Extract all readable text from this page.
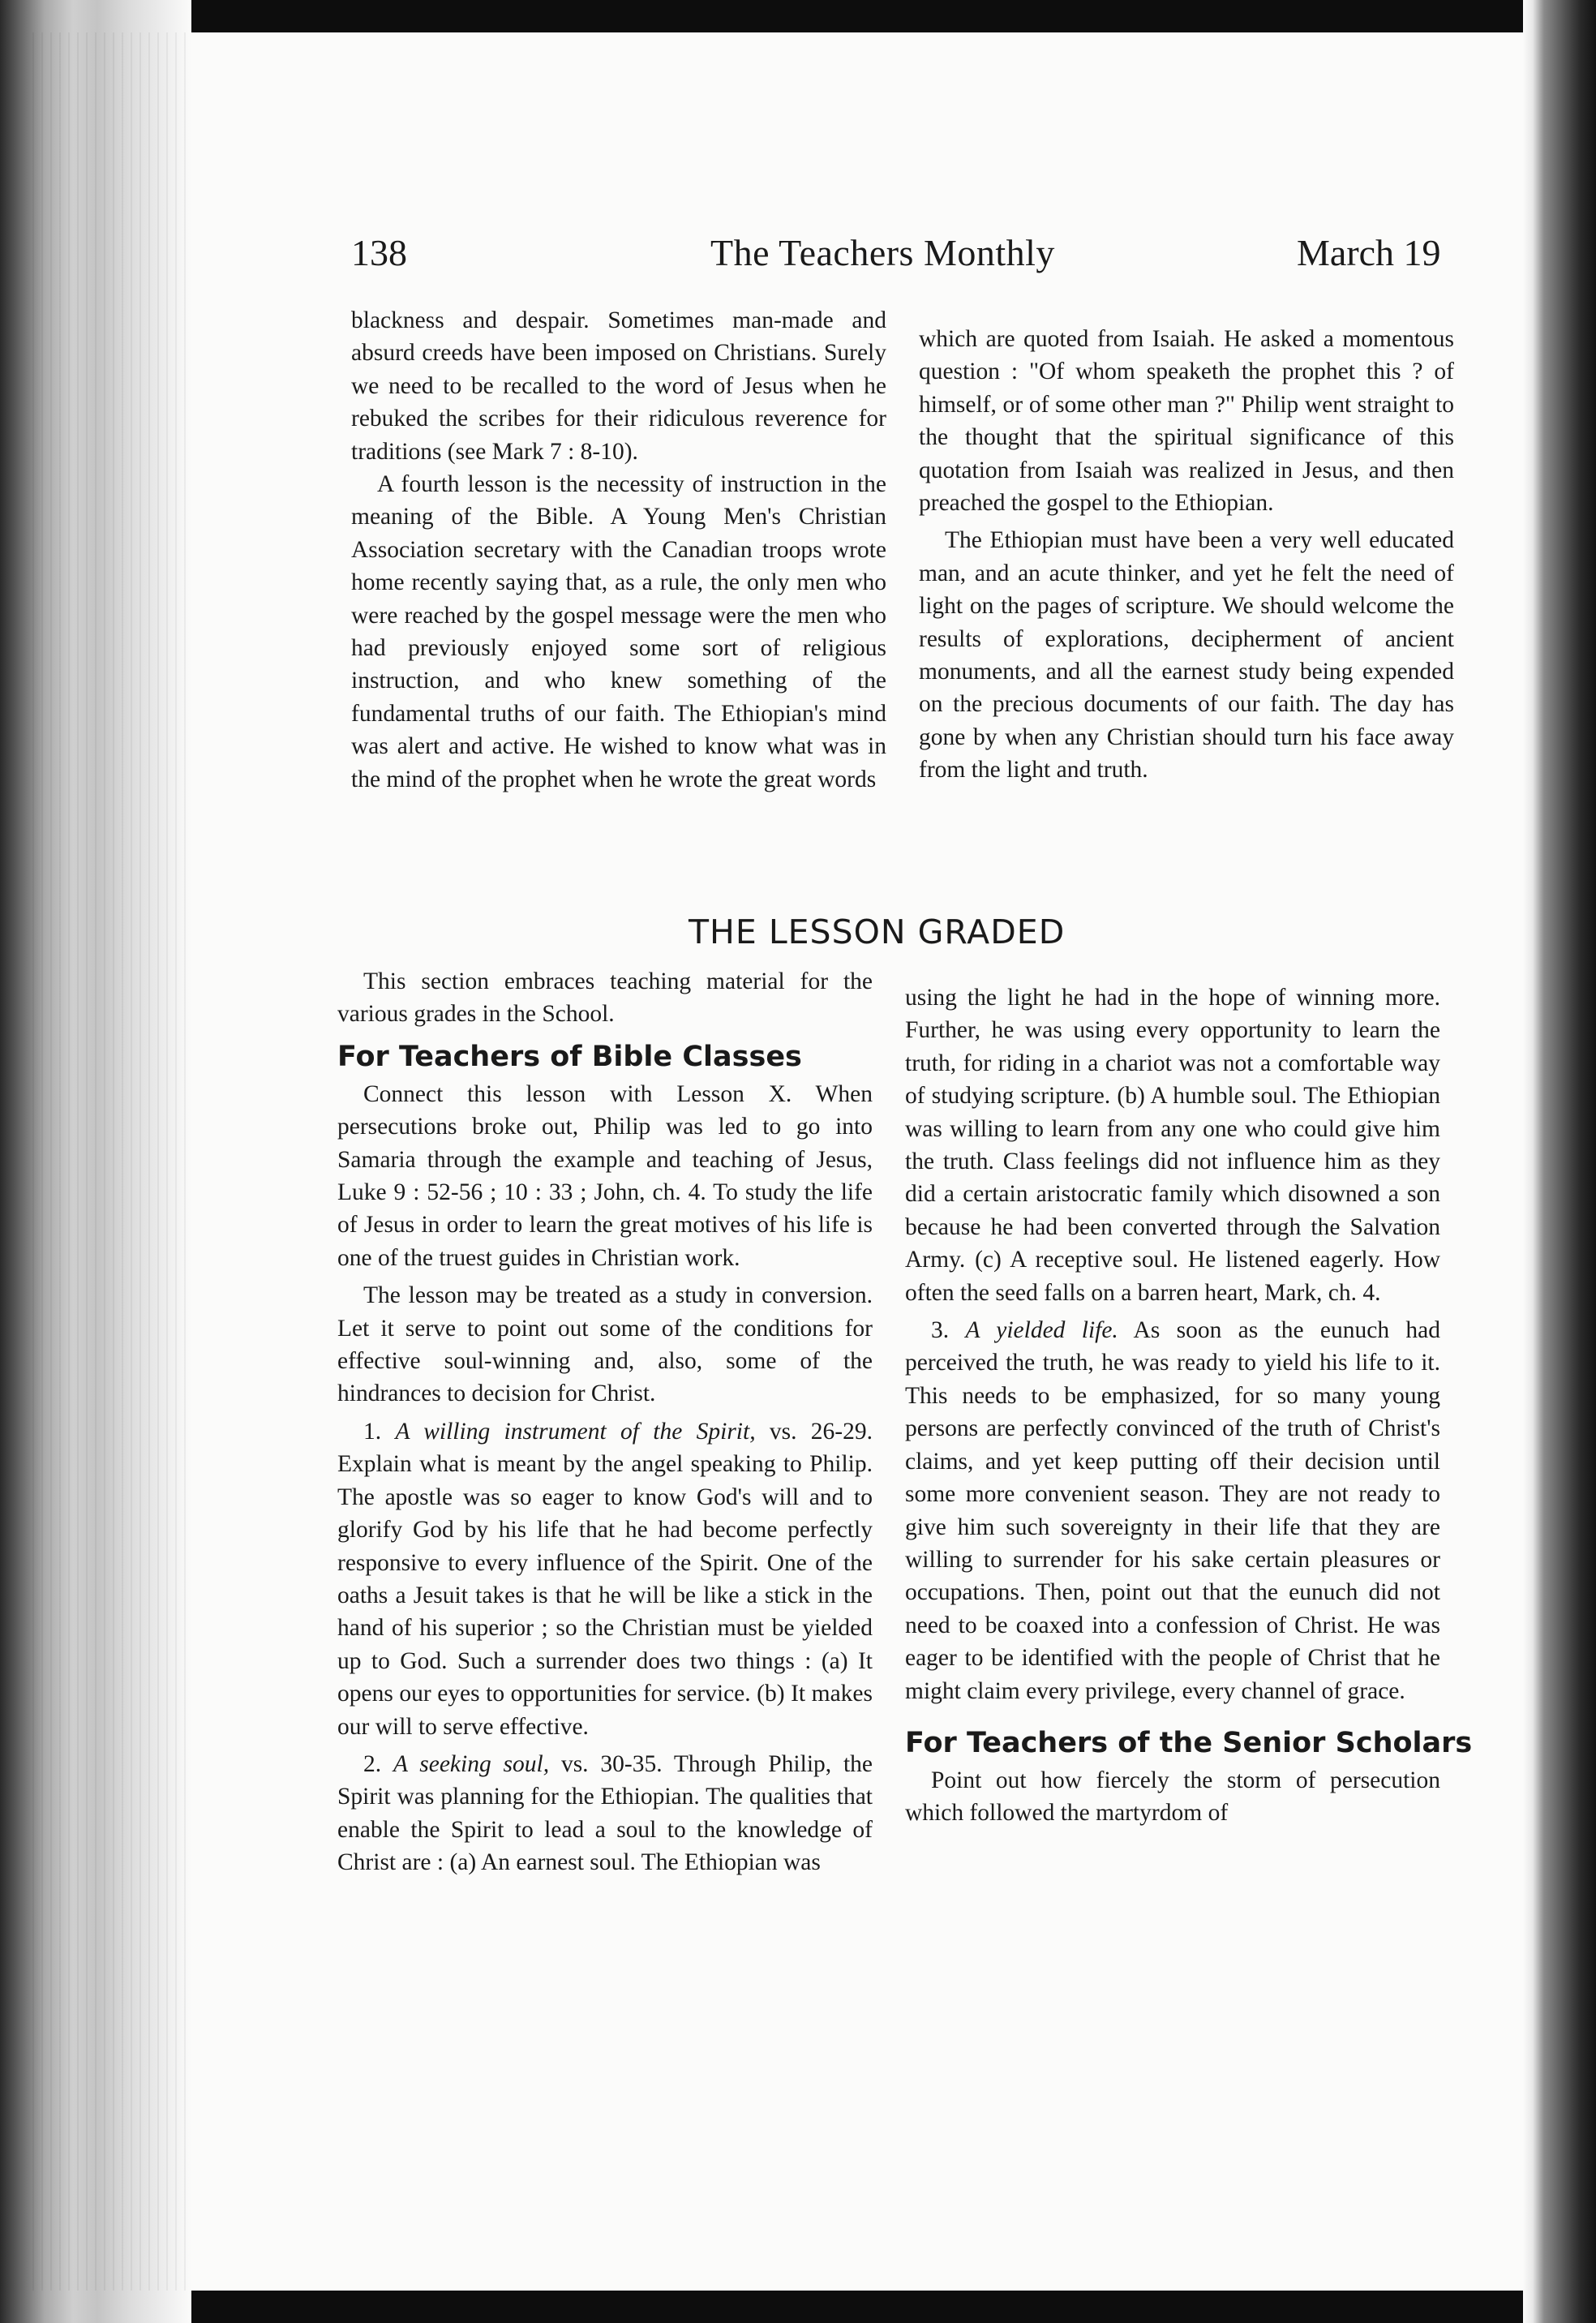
138	The Teachers Monthly	March 19

blackness and despair. Sometimes man-made and absurd creeds have been imposed on Christians. Surely we need to be recalled to the word of Jesus when he rebuked the scribes for their ridiculous reverence for traditions (see Mark 7 : 8-10).

A fourth lesson is the necessity of instruction in the meaning of the Bible. A Young Men's Christian Association secretary with the Canadian troops wrote home recently saying that, as a rule, the only men who were reached by the gospel message were the men who had previously enjoyed some sort of religious instruction, and who knew something of the fundamental truths of our faith. The Ethiopian's mind was alert and active. He wished to know what was in the mind of the prophet when he wrote the great words

which are quoted from Isaiah. He asked a momentous question : "Of whom speaketh the prophet this ? of himself, or of some other man ?" Philip went straight to the thought that the spiritual significance of this quotation from Isaiah was realized in Jesus, and then preached the gospel to the Ethiopian.

The Ethiopian must have been a very well educated man, and an acute thinker, and yet he felt the need of light on the pages of scripture. We should welcome the results of explorations, decipherment of ancient monuments, and all the earnest study being expended on the precious documents of our faith. The day has gone by when any Christian should turn his face away from the light and truth.

THE LESSON GRADED

This section embraces teaching material for the various grades in the School.

For Teachers of Bible Classes

Connect this lesson with Lesson X. When persecutions broke out, Philip was led to go into Samaria through the example and teaching of Jesus, Luke 9 : 52-56 ; 10 : 33 ; John, ch. 4. To study the life of Jesus in order to learn the great motives of his life is one of the truest guides in Christian work.

The lesson may be treated as a study in conversion. Let it serve to point out some of the conditions for effective soul-winning and, also, some of the hindrances to decision for Christ.

1. A willing instrument of the Spirit, vs. 26-29. Explain what is meant by the angel speaking to Philip. The apostle was so eager to know God's will and to glorify God by his life that he had become perfectly responsive to every influence of the Spirit. One of the oaths a Jesuit takes is that he will be like a stick in the hand of his superior ; so the Christian must be yielded up to God. Such a surrender does two things : (a) It opens our eyes to opportunities for service. (b) It makes our will to serve effective.

2. A seeking soul, vs. 30-35. Through Philip, the Spirit was planning for the Ethiopian. The qualities that enable the Spirit to lead a soul to the knowledge of Christ are : (a) An earnest soul. The Ethiopian was

using the light he had in the hope of winning more. Further, he was using every opportunity to learn the truth, for riding in a chariot was not a comfortable way of studying scripture. (b) A humble soul. The Ethiopian was willing to learn from any one who could give him the truth. Class feelings did not influence him as they did a certain aristocratic family which disowned a son because he had been converted through the Salvation Army. (c) A receptive soul. He listened eagerly. How often the seed falls on a barren heart, Mark, ch. 4.

3. A yielded life. As soon as the eunuch had perceived the truth, he was ready to yield his life to it. This needs to be emphasized, for so many young persons are perfectly convinced of the truth of Christ's claims, and yet keep putting off their decision until some more convenient season. They are not ready to give him such sovereignty in their life that they are willing to surrender for his sake certain pleasures or occupations. Then, point out that the eunuch did not need to be coaxed into a confession of Christ. He was eager to be identified with the people of Christ that he might claim every privilege, every channel of grace.

For Teachers of the Senior Scholars

Point out how fiercely the storm of persecution which followed the martyrdom of
